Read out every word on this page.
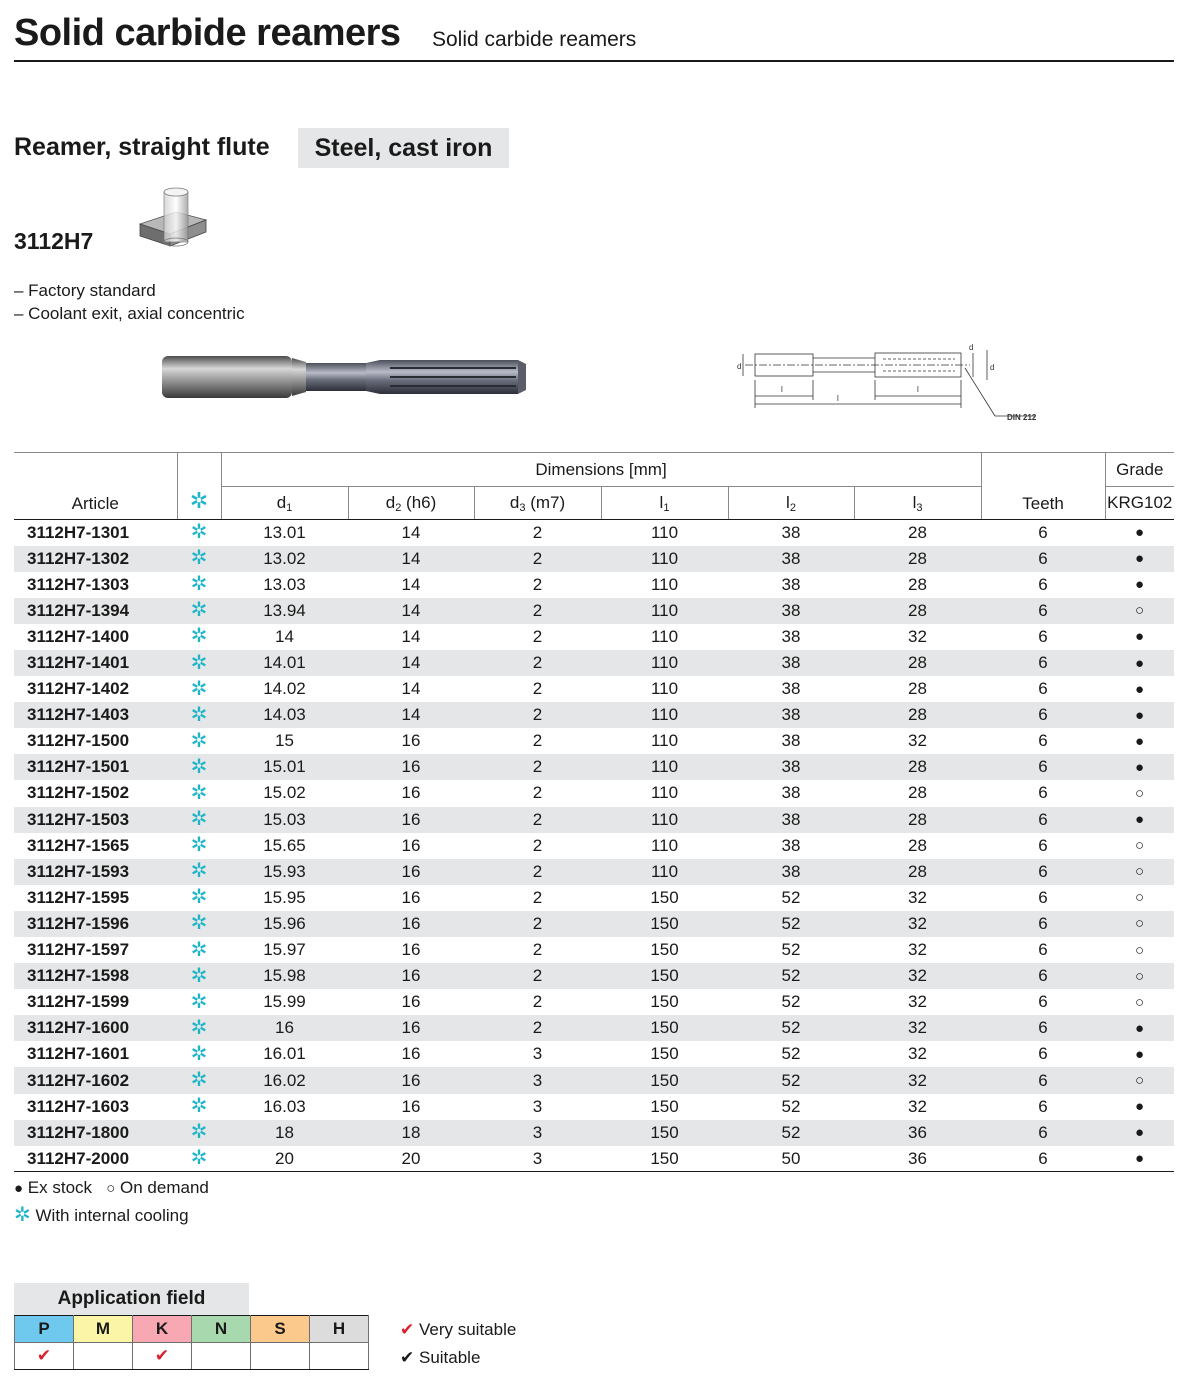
Solid carbide reamers Solid carbide reamers
Reamer, straight flute	Steel, cast iron
3112H7
– Factory standard
– Coolant exit, axial concentric
d
l
l
l
d
d
DIN 212
Article	✲	Dimensions [mm]						Teeth	Grade
		$d_1$	$d_2$ (h6)	$d_3$ (m7)	$l_1$	$l_2$	$l_3$		KRG102
3112H7-1301	✲	13.01	14	2	110	38	28	6	●
3112H7-1302	✲	13.02	14	2	110	38	28	6	●
3112H7-1303	✲	13.03	14	2	110	38	28	6	●
3112H7-1394	✲	13.94	14	2	110	38	28	6	○
3112H7-1400	✲	14	14	2	110	38	32	6	●
3112H7-1401	✲	14.01	14	2	110	38	28	6	●
3112H7-1402	✲	14.02	14	2	110	38	28	6	●
3112H7-1403	✲	14.03	14	2	110	38	28	6	●
3112H7-1500	✲	15	16	2	110	38	32	6	●
3112H7-1501	✲	15.01	16	2	110	38	28	6	●
3112H7-1502	✲	15.02	16	2	110	38	28	6	○
3112H7-1503	✲	15.03	16	2	110	38	28	6	●
3112H7-1565	✲	15.65	16	2	110	38	28	6	○
3112H7-1593	✲	15.93	16	2	110	38	28	6	○
3112H7-1595	✲	15.95	16	2	150	52	32	6	○
3112H7-1596	✲	15.96	16	2	150	52	32	6	○
3112H7-1597	✲	15.97	16	2	150	52	32	6	○
3112H7-1598	✲	15.98	16	2	150	52	32	6	○
3112H7-1599	✲	15.99	16	2	150	52	32	6	○
3112H7-1600	✲	16	16	2	150	52	32	6	●
3112H7-1601	✲	16.01	16	3	150	52	32	6	●
3112H7-1602	✲	16.02	16	3	150	52	32	6	○
3112H7-1603	✲	16.03	16	3	150	52	32	6	●
3112H7-1800	✲	18	18	3	150	52	36	6	●
3112H7-2000	✲	20	20	3	150	50	36	6	●
● Ex stock ○ On demand
✲ With internal cooling
Application field
P	M	K	N	S	H
✔		✔			
✔ Very suitable
✔ Suitable
